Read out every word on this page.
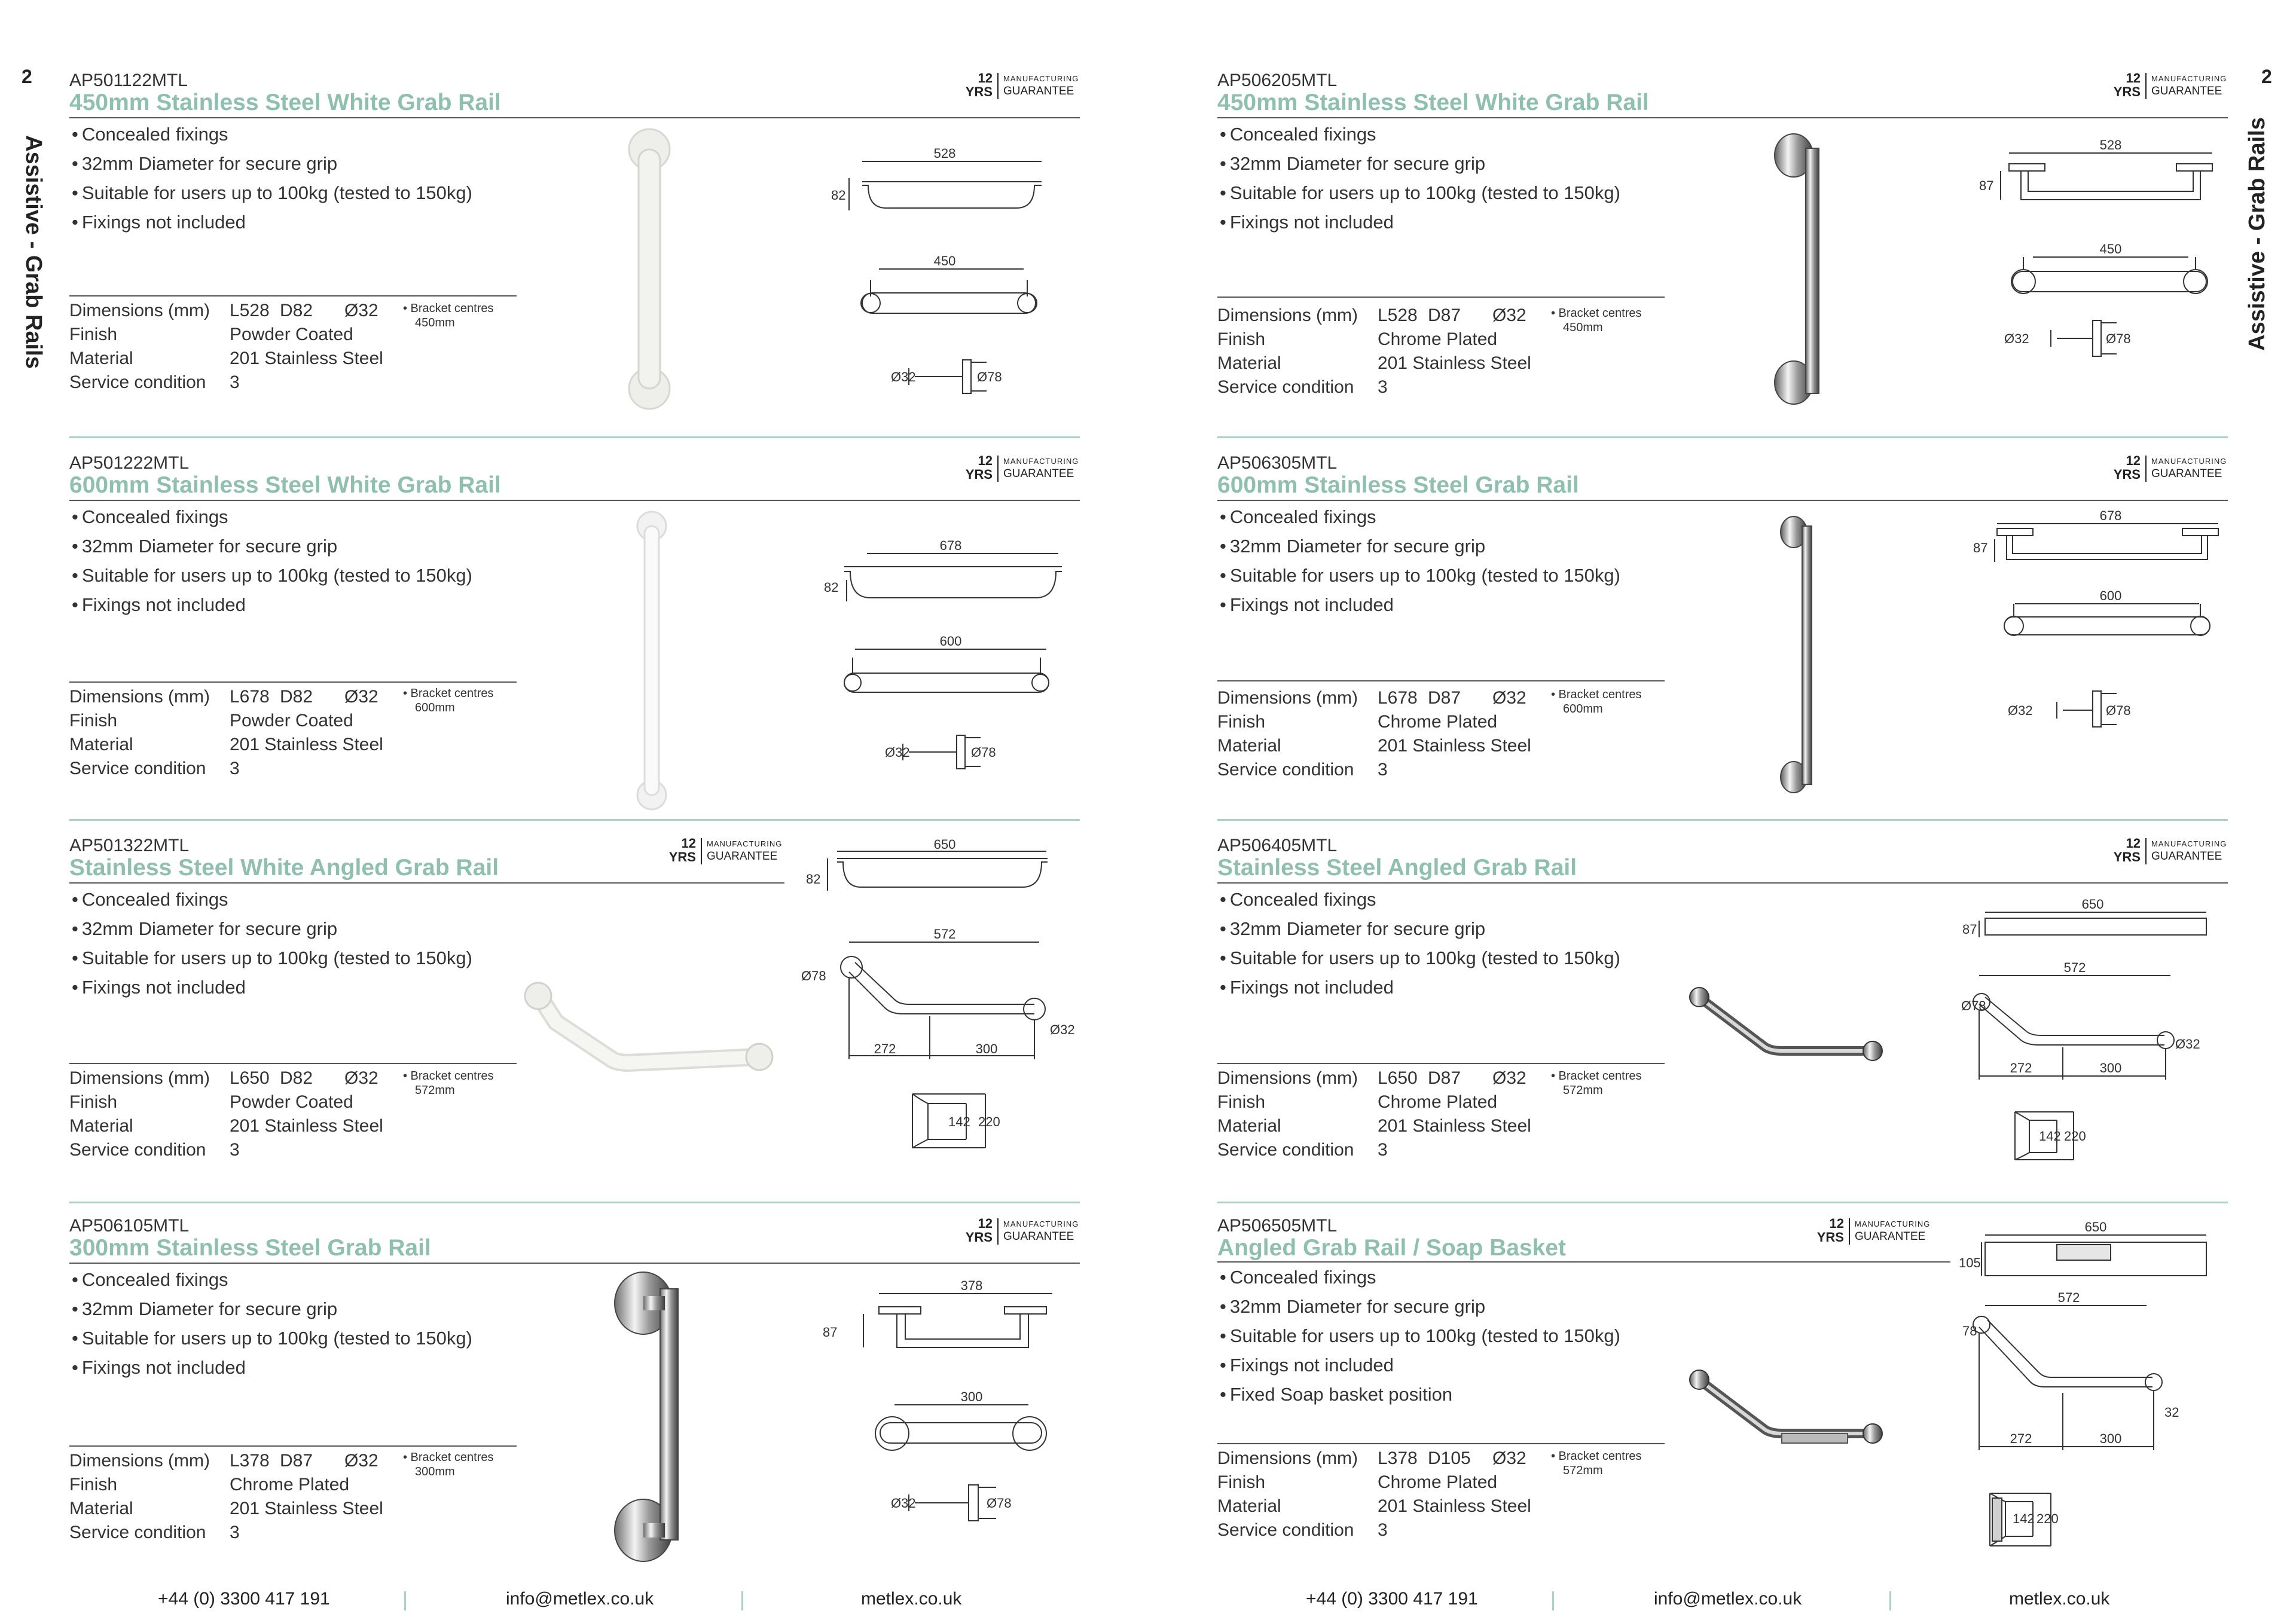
2
Assistive - Grab Rails
AP501122MTL
450mm Stainless Steel White Grab Rail
12
YRS
MANUFACTURING
GUARANTEE
• Concealed fixings
• 32mm Diameter for secure grip
• Suitable for users up to 100kg (tested to 150kg)
• Fixings not included
Dimensions (mm) L528 D82 Ø32
Finish	Powder Coated
Material	201 Stainless Steel
Service condition 3
• Bracket centres
450mm
528
82
450
Ø32	Ø78
AP501222MTL
600mm Stainless Steel White Grab Rail
12
YRS
MANUFACTURING
GUARANTEE
• Concealed fixings
• 32mm Diameter for secure grip
• Suitable for users up to 100kg (tested to 150kg)
• Fixings not included
Dimensions (mm) L678 D82 Ø32
Finish	Powder Coated
Material	201 Stainless Steel
Service condition 3
• Bracket centres
600mm
678
82
600
Ø32	Ø78
AP501322MTL
Stainless Steel White Angled Grab Rail
12
YRS
MANUFACTURING
GUARANTEE
• Concealed fixings
• 32mm Diameter for secure grip
• Suitable for users up to 100kg (tested to 150kg)
• Fixings not included
Dimensions (mm) L650 D82 Ø32
Finish	Powder Coated
Material	201 Stainless Steel
Service condition 3
• Bracket centres
572mm
650
82
572
Ø78
Ø32
272	300
142 220
AP506105MTL
300mm Stainless Steel Grab Rail
12
YRS
MANUFACTURING
GUARANTEE
• Concealed fixings
• 32mm Diameter for secure grip
• Suitable for users up to 100kg (tested to 150kg)
• Fixings not included
Dimensions (mm) L378 D87 Ø32
Finish	Chrome Plated
Material	201 Stainless Steel
Service condition 3
• Bracket centres
300mm
378
87
300
Ø32	Ø78
+44 (0) 3300 417 191	info@metlex.co.uk	metlex.co.uk
2
Assistive - Grab Rails
AP506205MTL
450mm Stainless Steel White Grab Rail
12
YRS
MANUFACTURING
GUARANTEE
• Concealed fixings
• 32mm Diameter for secure grip
• Suitable for users up to 100kg (tested to 150kg)
• Fixings not included
Dimensions (mm) L528 D87 Ø32
Finish	Chrome Plated
Material	201 Stainless Steel
Service condition 3
• Bracket centres
450mm
528
87
450
Ø32	Ø78
AP506305MTL
600mm Stainless Steel Grab Rail
12
YRS
MANUFACTURING
GUARANTEE
• Concealed fixings
• 32mm Diameter for secure grip
• Suitable for users up to 100kg (tested to 150kg)
• Fixings not included
Dimensions (mm) L678 D87 Ø32
Finish	Chrome Plated
Material	201 Stainless Steel
Service condition 3
• Bracket centres
600mm
678
87
600
Ø32	Ø78
AP506405MTL
Stainless Steel Angled Grab Rail
12
YRS
MANUFACTURING
GUARANTEE
• Concealed fixings
• 32mm Diameter for secure grip
• Suitable for users up to 100kg (tested to 150kg)
• Fixings not included
Dimensions (mm) L650 D87 Ø32
Finish	Chrome Plated
Material	201 Stainless Steel
Service condition 3
• Bracket centres
572mm
650
87
572
Ø78
Ø32
272	300
142 220
AP506505MTL
Angled Grab Rail / Soap Basket
12
YRS
MANUFACTURING
GUARANTEE
• Concealed fixings
• 32mm Diameter for secure grip
• Suitable for users up to 100kg (tested to 150kg)
• Fixings not included
• Fixed Soap basket position
Dimensions (mm) L378 D105 Ø32
Finish	Chrome Plated
Material	201 Stainless Steel
Service condition 3
• Bracket centres
572mm
650
105
572
78
32
272	300
142 220
+44 (0) 3300 417 191	info@metlex.co.uk	metlex.co.uk
